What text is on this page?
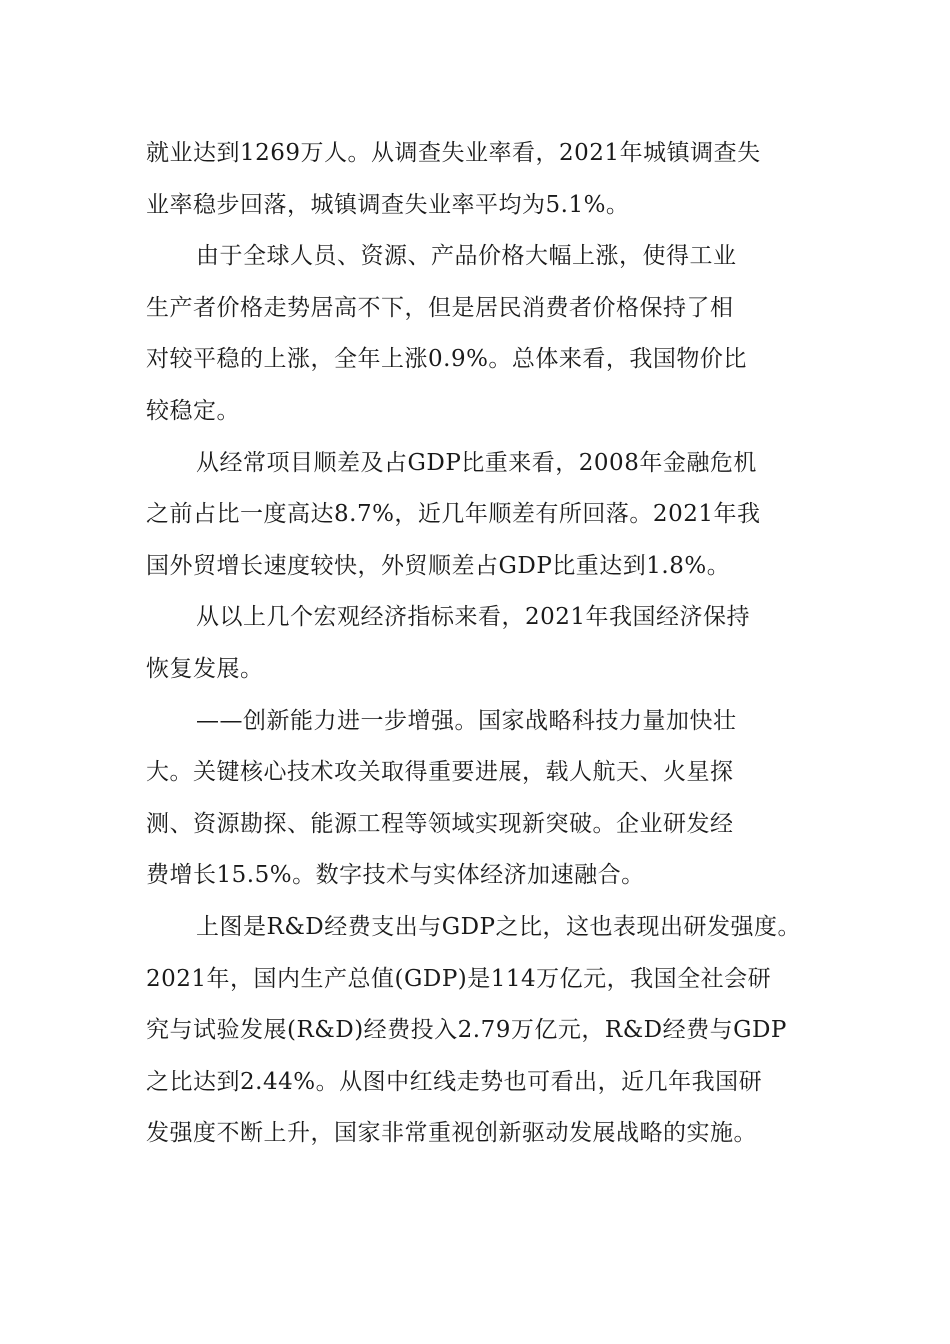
就业达到1269万人。从调查失业率看，2021年城镇调查失
业率稳步回落，城镇调查失业率平均为5.1%。
由于全球人员、资源、产品价格大幅上涨，使得工业
生产者价格走势居高不下，但是居民消费者价格保持了相
对较平稳的上涨，全年上涨0.9%。总体来看，我国物价比
较稳定。
从经常项目顺差及占GDP比重来看，2008年金融危机
之前占比一度高达8.7%，近几年顺差有所回落。2021年我
国外贸增长速度较快，外贸顺差占GDP比重达到1.8%。
从以上几个宏观经济指标来看，2021年我国经济保持
恢复发展。
——创新能力进一步增强。国家战略科技力量加快壮
大。关键核心技术攻关取得重要进展，载人航天、火星探
测、资源勘探、能源工程等领域实现新突破。企业研发经
费增长15.5%。数字技术与实体经济加速融合。
上图是R&D经费支出与GDP之比，这也表现出研发强度。
2021年，国内生产总值(GDP)是114万亿元，我国全社会研
究与试验发展(R&D)经费投入2.79万亿元，R&D经费与GDP
之比达到2.44%。从图中红线走势也可看出，近几年我国研
发强度不断上升，国家非常重视创新驱动发展战略的实施。
